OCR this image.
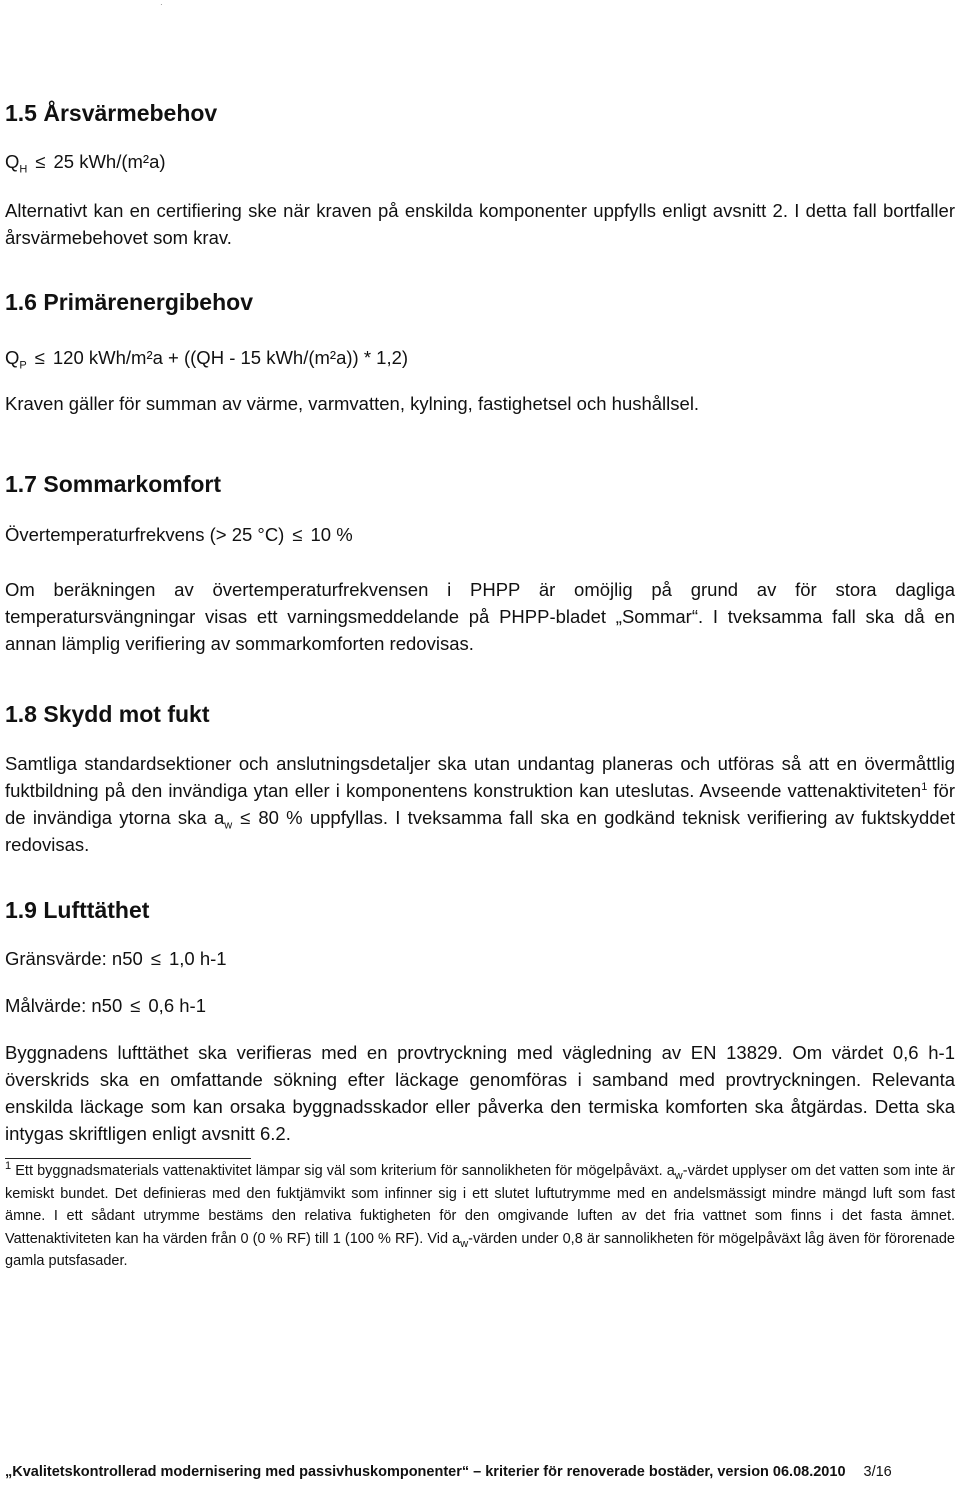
·
1.5 Årsvärmebehov

$Q_H \le 25$ kWh/(m²a)

Alternativt kan en certifiering ske när kraven på enskilda komponenter uppfylls enligt avsnitt 2. I detta fall bortfaller årsvärmebehovet som krav.

1.6 Primärenergibehov

$Q_P \le 120$ kWh/m²a + ((QH - 15 kWh/(m²a)) * 1,2)

Kraven gäller för summan av värme, varmvatten, kylning, fastighetsel och hushållsel.

1.7 Sommarkomfort

Övertemperaturfrekvens (> 25 °C) ≤ 10 %

Om beräkningen av övertemperaturfrekvensen i PHPP är omöjlig på grund av för stora dagliga temperatursvängningar visas ett varningsmeddelande på PHPP-bladet „Sommar“. I tveksamma fall ska då en annan lämplig verifiering av sommarkomforten redovisas.

1.8 Skydd mot fukt

Samtliga standardsektioner och anslutningsdetaljer ska utan undantag planeras och utföras så att en övermåttlig fuktbildning på den invändiga ytan eller i komponentens konstruktion kan uteslutas. Avseende vattenaktiviteten$^1$ för de invändiga ytorna ska $a_w \le 80$ % uppfyllas. I tveksamma fall ska en godkänd teknisk verifiering av fuktskyddet redovisas.

1.9 Lufttäthet

Gränsvärde: n50 ≤ 1,0 h-1

Målvärde: n50 ≤ 0,6 h-1

Byggnadens lufttäthet ska verifieras med en provtryckning med vägledning av EN 13829. Om värdet 0,6 h-1 överskrids ska en omfattande sökning efter läckage genomföras i samband med provtryckningen. Relevanta enskilda läckage som kan orsaka byggnadsskador eller påverka den termiska komforten ska åtgärdas. Detta ska intygas skriftligen enligt avsnitt 6.2.

$^1$ Ett byggnadsmaterials vattenaktivitet lämpar sig väl som kriterium för sannolikheten för mögelpåväxt. $a_w$-värdet upplyser om det vatten som inte är kemiskt bundet. Det definieras med den fuktjämvikt som infinner sig i ett slutet luftutrymme med en andelsmässigt mindre mängd luft som fast ämne. I ett sådant utrymme bestäms den relativa fuktigheten för den omgivande luften av det fria vattnet som finns i det fasta ämnet. Vattenaktiviteten kan ha värden från 0 (0 % RF) till 1 (100 % RF). Vid $a_w$-värden under 0,8 är sannolikheten för mögelpåväxt låg även för förorenade gamla putsfasader.

„Kvalitetskontrollerad modernisering med passivhuskomponenter“ – kriterier för renoverade bostäder, version 06.08.2010 3/16
